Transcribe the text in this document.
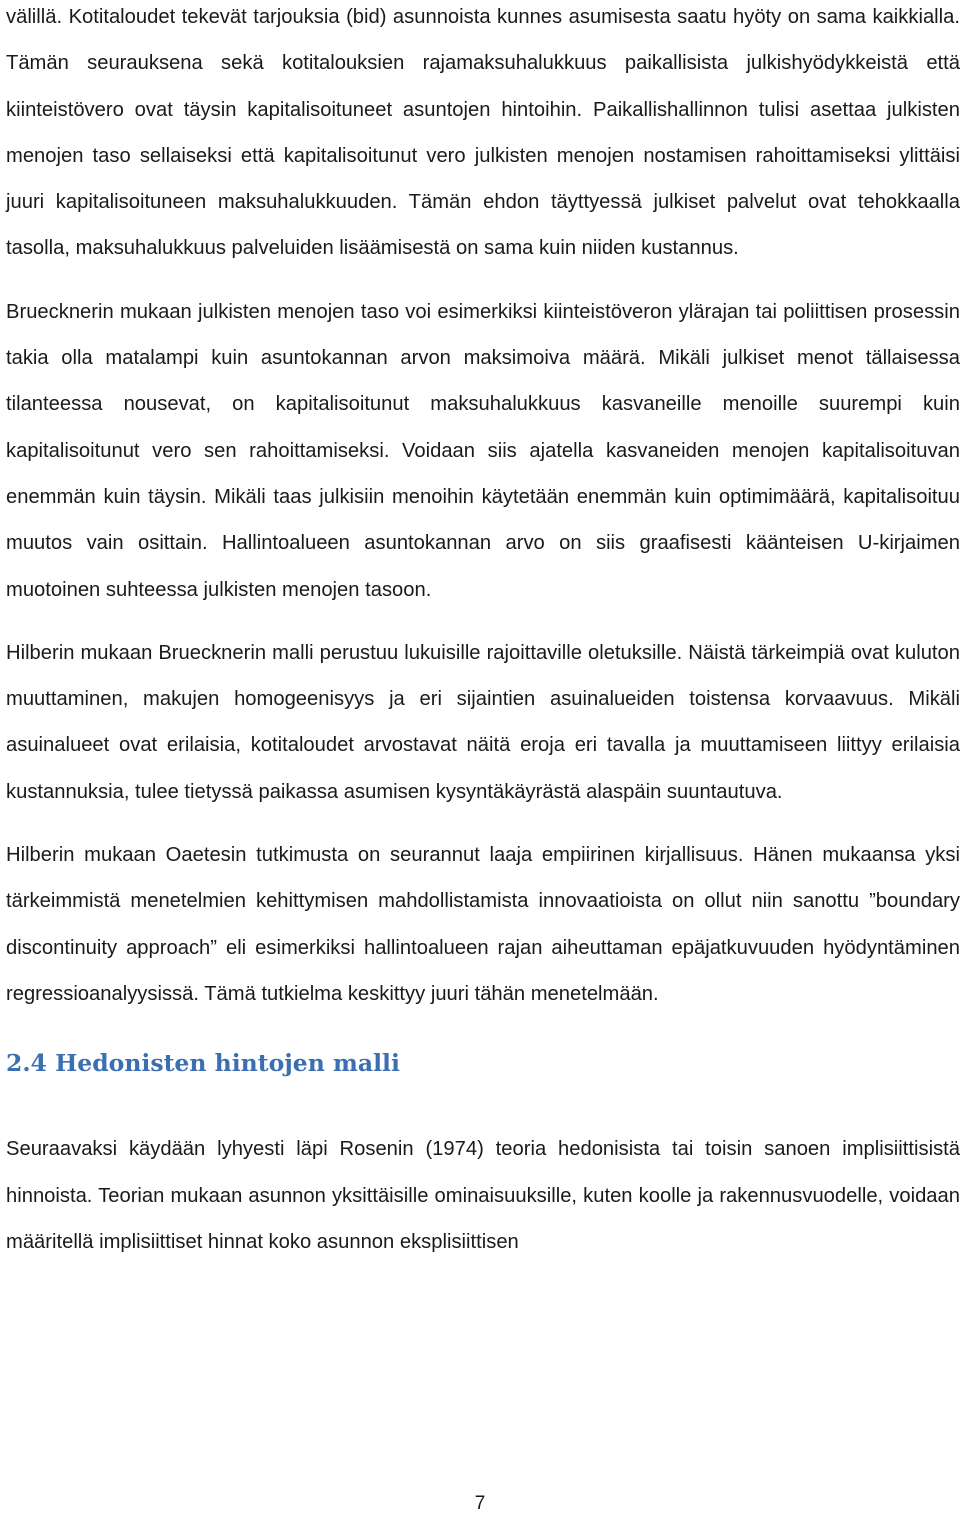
välillä. Kotitaloudet tekevät tarjouksia (bid) asunnoista kunnes asumisesta saatu hyöty on sama kaikkialla. Tämän seurauksena sekä kotitalouksien rajamaksuhalukkuus paikallisista julkishyödykkeistä että kiinteistövero ovat täysin kapitalisoituneet asuntojen hintoihin. Paikallishallinnon tulisi asettaa julkisten menojen taso sellaiseksi että kapitalisoitunut vero julkisten menojen nostamisen rahoittamiseksi ylittäisi juuri kapitalisoituneen maksuhalukkuuden. Tämän ehdon täyttyessä julkiset palvelut ovat tehokkaalla tasolla, maksuhalukkuus palveluiden lisäämisestä on sama kuin niiden kustannus.

Bruecknerin mukaan julkisten menojen taso voi esimerkiksi kiinteistöveron ylärajan tai poliittisen prosessin takia olla matalampi kuin asuntokannan arvon maksimoiva määrä. Mikäli julkiset menot tällaisessa tilanteessa nousevat, on kapitalisoitunut maksuhalukkuus kasvaneille menoille suurempi kuin kapitalisoitunut vero sen rahoittamiseksi. Voidaan siis ajatella kasvaneiden menojen kapitalisoituvan enemmän kuin täysin. Mikäli taas julkisiin menoihin käytetään enemmän kuin optimimäärä, kapitalisoituu muutos vain osittain. Hallintoalueen asuntokannan arvo on siis graafisesti käänteisen U-kirjaimen muotoinen suhteessa julkisten menojen tasoon.

Hilberin mukaan Bruecknerin malli perustuu lukuisille rajoittaville oletuksille. Näistä tärkeimpiä ovat kuluton muuttaminen, makujen homogeenisyys ja eri sijaintien asuinalueiden toistensa korvaavuus. Mikäli asuinalueet ovat erilaisia, kotitaloudet arvostavat näitä eroja eri tavalla ja muuttamiseen liittyy erilaisia kustannuksia, tulee tietyssä paikassa asumisen kysyntäkäyrästä alaspäin suuntautuva.

Hilberin mukaan Oaetesin tutkimusta on seurannut laaja empiirinen kirjallisuus. Hänen mukaansa yksi tärkeimmistä menetelmien kehittymisen mahdollistamista innovaatioista on ollut niin sanottu ”boundary discontinuity approach” eli esimerkiksi hallintoalueen rajan aiheuttaman epäjatkuvuuden hyödyntäminen regressioanalyysissä. Tämä tutkielma keskittyy juuri tähän menetelmään.

2.4 Hedonisten hintojen malli

Seuraavaksi käydään lyhyesti läpi Rosenin (1974) teoria hedonisista tai toisin sanoen implisiittisistä hinnoista. Teorian mukaan asunnon yksittäisille ominaisuuksille, kuten koolle ja rakennusvuodelle, voidaan määritellä implisiittiset hinnat koko asunnon eksplisiittisen

7
